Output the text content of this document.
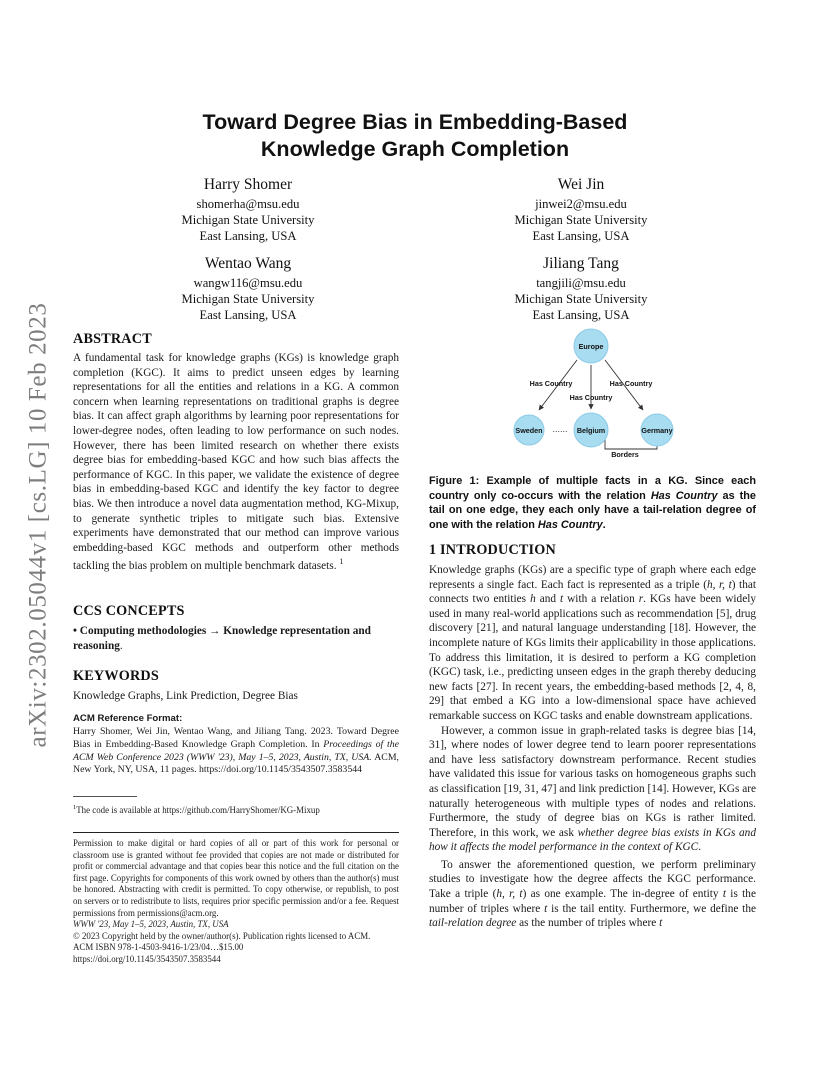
arXiv:2302.05044v1 [cs.LG] 10 Feb 2023
Toward Degree Bias in Embedding-Based
Knowledge Graph Completion
Harry Shomer
shomerha@msu.edu
Michigan State University
East Lansing, USA
Wei Jin
jinwei2@msu.edu
Michigan State University
East Lansing, USA
Wentao Wang
wangw116@msu.edu
Michigan State University
East Lansing, USA
Jiliang Tang
tangjili@msu.edu
Michigan State University
East Lansing, USA
ABSTRACT

A fundamental task for knowledge graphs (KGs) is knowledge graph completion (KGC). It aims to predict unseen edges by learning representations for all the entities and relations in a KG. A common concern when learning representations on traditional graphs is degree bias. It can affect graph algorithms by learning poor representations for lower-degree nodes, often leading to low performance on such nodes. However, there has been limited research on whether there exists degree bias for embedding-based KGC and how such bias affects the performance of KGC. In this paper, we validate the existence of degree bias in embedding-based KGC and identify the key factor to degree bias. We then introduce a novel data augmentation method, KG-Mixup, to generate synthetic triples to mitigate such bias. Extensive experiments have demonstrated that our method can improve various embedding-based KGC methods and outperform other methods tackling the bias problem on multiple benchmark datasets. $^1$

CCS CONCEPTS

• Computing methodologies → Knowledge representation and reasoning.

KEYWORDS

Knowledge Graphs, Link Prediction, Degree Bias

ACM Reference Format:

Harry Shomer, Wei Jin, Wentao Wang, and Jiliang Tang. 2023. Toward Degree Bias in Embedding-Based Knowledge Graph Completion. In Proceedings of the ACM Web Conference 2023 (WWW '23), May 1–5, 2023, Austin, TX, USA. ACM, New York, NY, USA, 11 pages. https://doi.org/10.1145/3543507.3583544

$^1$The code is available at https://github.com/HarryShomer/KG-Mixup

Permission to make digital or hard copies of all or part of this work for personal or classroom use is granted without fee provided that copies are not made or distributed for profit or commercial advantage and that copies bear this notice and the full citation on the first page. Copyrights for components of this work owned by others than the author(s) must be honored. Abstracting with credit is permitted. To copy otherwise, or republish, to post on servers or to redistribute to lists, requires prior specific permission and/or a fee. Request permissions from permissions@acm.org.

WWW '23, May 1–5, 2023, Austin, TX, USA

© 2023 Copyright held by the owner/author(s). Publication rights licensed to ACM.

ACM ISBN 978-1-4503-9416-1/23/04…$15.00

https://doi.org/10.1145/3543507.3583544

Europe
Sweden	Belgium	Germany
Has Country
Has Country
Has Country
Borders
......

Figure 1: Example of multiple facts in a KG. Since each country only co-occurs with the relation Has Country as the tail on one edge, they each only have a tail-relation degree of one with the relation Has Country.

1 INTRODUCTION

Knowledge graphs (KGs) are a specific type of graph where each edge represents a single fact. Each fact is represented as a triple (h, r, t) that connects two entities h and t with a relation r. KGs have been widely used in many real-world applications such as recommendation [5], drug discovery [21], and natural language understanding [18]. However, the incomplete nature of KGs limits their applicability in those applications. To address this limitation, it is desired to perform a KG completion (KGC) task, i.e., predicting unseen edges in the graph thereby deducing new facts [27]. In recent years, the embedding-based methods [2, 4, 8, 29] that embed a KG into a low-dimensional space have achieved remarkable success on KGC tasks and enable downstream applications.

However, a common issue in graph-related tasks is degree bias [14, 31], where nodes of lower degree tend to learn poorer representations and have less satisfactory downstream performance. Recent studies have validated this issue for various tasks on homogeneous graphs such as classification [19, 31, 47] and link prediction [14]. However, KGs are naturally heterogeneous with multiple types of nodes and relations. Furthermore, the study of degree bias on KGs is rather limited. Therefore, in this work, we ask whether degree bias exists in KGs and how it affects the model performance in the context of KGC.

To answer the aforementioned question, we perform preliminary studies to investigate how the degree affects the KGC performance. Take a triple (h, r, t) as one example. The in-degree of entity t is the number of triples where t is the tail entity. Furthermore, we define the tail-relation degree as the number of triples where t
